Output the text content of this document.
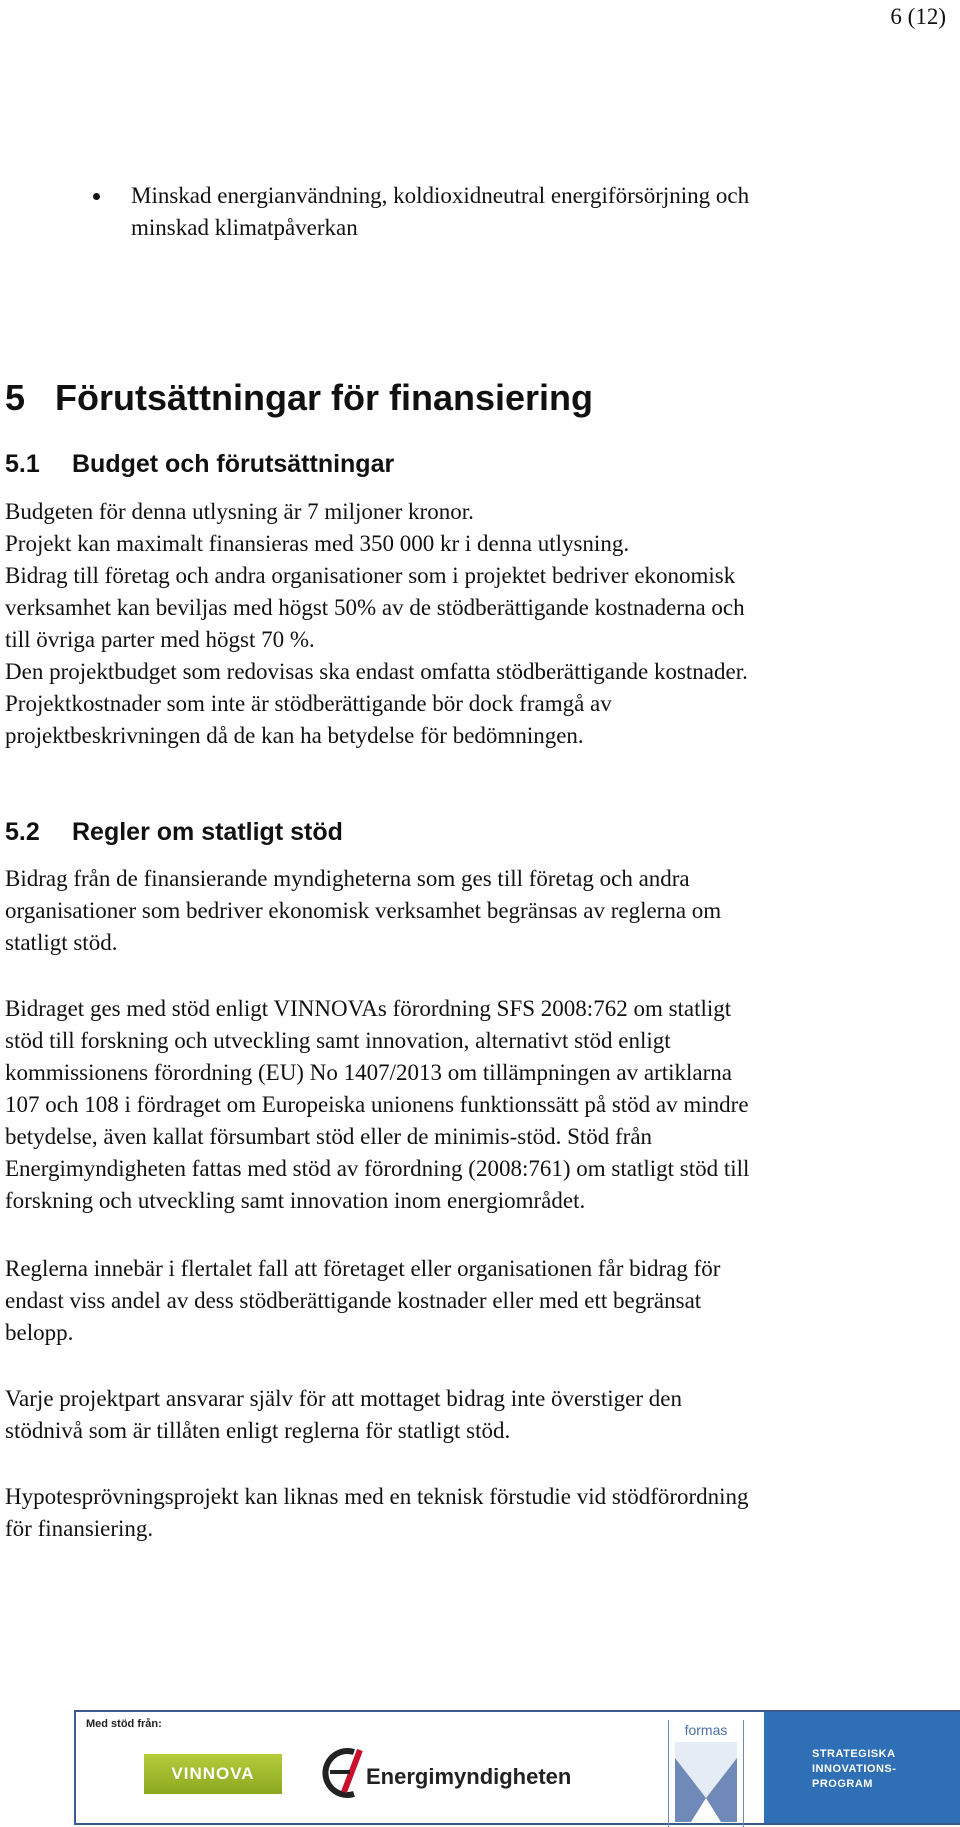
6 (12)
Minskad energianvändning, koldioxidneutral energiförsörjning och
minskad klimatpåverkan
5 Förutsättningar för finansiering
5.1 Budget och förutsättningar

Budgeten för denna utlysning är 7 miljoner kronor.
Projekt kan maximalt finansieras med 350 000 kr i denna utlysning.
Bidrag till företag och andra organisationer som i projektet bedriver ekonomisk
verksamhet kan beviljas med högst 50% av de stödberättigande kostnaderna och
till övriga parter med högst 70 %.
Den projektbudget som redovisas ska endast omfatta stödberättigande kostnader.
Projektkostnader som inte är stödberättigande bör dock framgå av
projektbeskrivningen då de kan ha betydelse för bedömningen.

5.2 Regler om statligt stöd

Bidrag från de finansierande myndigheterna som ges till företag och andra
organisationer som bedriver ekonomisk verksamhet begränsas av reglerna om
statligt stöd.

Bidraget ges med stöd enligt VINNOVAs förordning SFS 2008:762 om statligt
stöd till forskning och utveckling samt innovation, alternativt stöd enligt
kommissionens förordning (EU) No 1407/2013 om tillämpningen av artiklarna
107 och 108 i fördraget om Europeiska unionens funktionssätt på stöd av mindre
betydelse, även kallat försumbart stöd eller de minimis-stöd. Stöd från
Energimyndigheten fattas med stöd av förordning (2008:761) om statligt stöd till
forskning och utveckling samt innovation inom energiområdet.

Reglerna innebär i flertalet fall att företaget eller organisationen får bidrag för
endast viss andel av dess stödberättigande kostnader eller med ett begränsat
belopp.

Varje projektpart ansvarar själv för att mottaget bidrag inte överstiger den
stödnivå som är tillåten enligt reglerna för statligt stöd.

Hypotesprövningsprojekt kan liknas med en teknisk förstudie vid stödförordning
för finansiering.

Med stöd från:
VINNOVA	Energimyndigheten
formas
STRATEGISKA
INNOVATIONS-
PROGRAM
